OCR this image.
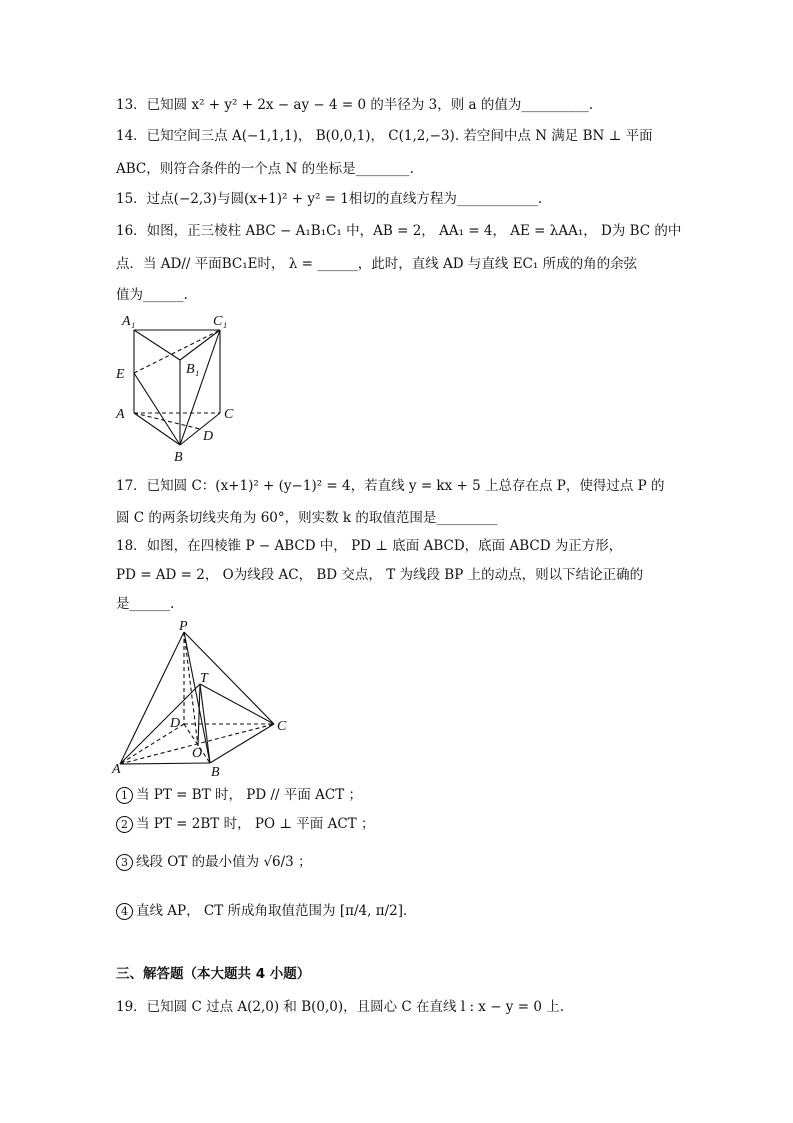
13．已知圆 x² + y² + 2x − ay − 4 = 0 的半径为 3，则 a 的值为__________.
14．已知空间三点 A(−1,1,1)， B(0,0,1)， C(1,2,−3). 若空间中点 N 满足 BN ⊥ 平面
ABC，则符合条件的一个点 N 的坐标是________.
15．过点(−2,3)与圆(x+1)² + y² = 1相切的直线方程为____________.
16．如图，正三棱柱 ABC − A₁B₁C₁ 中，AB = 2， AA₁ = 4， AE = λAA₁， D为 BC 的中
点．当 AD// 平面BC₁E时， λ = ______，此时，直线 AD 与直线 EC₁ 所成的角的余弦
值为______.
A₁	C₁
B₁
E
A	C
D
B
17．已知圆 C：(x+1)² + (y−1)² = 4，若直线 y = kx + 5 上总存在点 P，使得过点 P 的
圆 C 的两条切线夹角为 60°，则实数 k 的取值范围是_________
18．如图，在四棱锥 P − ABCD 中， PD ⊥ 底面 ABCD，底面 ABCD 为正方形，
PD = AD = 2， O为线段 AC， BD 交点， T 为线段 BP 上的动点，则以下结论正确的
是______.
P
T
D	C
O
A	B
1 当 PT = BT 时， PD // 平面 ACT ；
2 当 PT = 2BT 时， PO ⊥ 平面 ACT ；
3 线段 OT 的最小值为 √6/3 ；
4 直线 AP， CT 所成角取值范围为 [π/4, π/2].
三、解答题（本大题共 4 小题）
19．已知圆 C 过点 A(2,0) 和 B(0,0)，且圆心 C 在直线 l : x − y = 0 上.
